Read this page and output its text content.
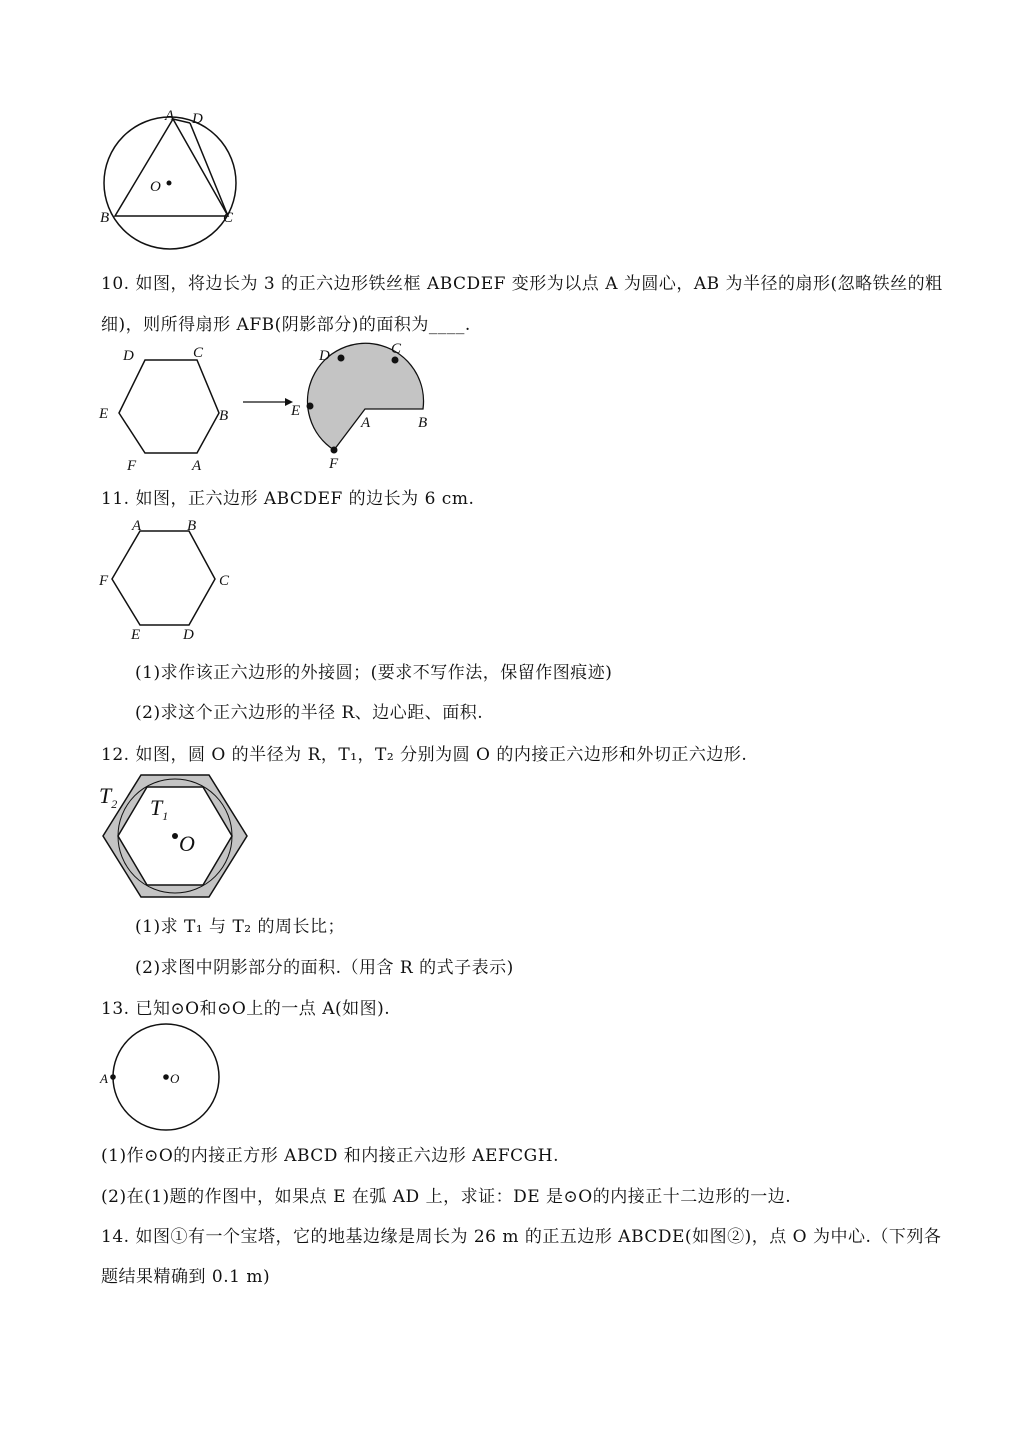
A D
O
B	C
10. 如图，将边长为 3 的正六边形铁丝框 ABCDEF 变形为以点 A 为圆心，AB 为半径的扇形(忽略铁丝的粗
细)，则所得扇形 AFB(阴影部分)的面积为____.
D	C
E	B
F	A
D	C
E
A	B
F
11. 如图，正六边形 ABCDEF 的边长为 6 cm.
A	B
F	C
E	D
(1)求作该正六边形的外接圆；(要求不写作法，保留作图痕迹)
(2)求这个正六边形的半径 R、边心距、面积.
12. 如图，圆 O 的半径为 R，T₁，T₂ 分别为圆 O 的内接正六边形和外切正六边形.
$T_2$ $T_1$
O
(1)求 T₁ 与 T₂ 的周长比；
(2)求图中阴影部分的面积.（用含 R 的式子表示)
13. 已知⊙O和⊙O上的一点 A(如图).
A	O
(1)作⊙O的内接正方形 ABCD 和内接正六边形 AEFCGH.
(2)在(1)题的作图中，如果点 E 在弧 AD 上，求证：DE 是⊙O的内接正十二边形的一边.
14. 如图①有一个宝塔，它的地基边缘是周长为 26 m 的正五边形 ABCDE(如图②)，点 O 为中心.（下列各
题结果精确到 0.1 m)
